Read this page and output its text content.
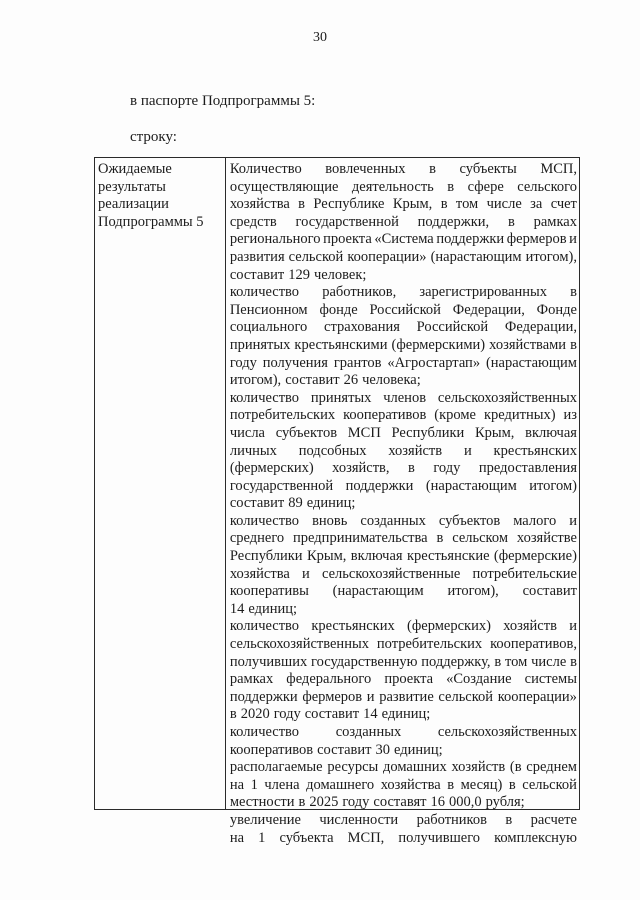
30
в паспорте Подпрограммы 5:
строку:
Ожидаемые
результаты
реализации
Подпрограммы 5

Количество вовлеченных в субъекты МСП,
осуществляющие деятельность в сфере сельского
хозяйства в Республике Крым, в том числе за счет
средств государственной поддержки, в рамках
регионального проекта «Система поддержки фермеров и
развития сельской кооперации» (нарастающим итогом),
составит 129 человек;
количество работников, зарегистрированных в
Пенсионном фонде Российской Федерации, Фонде
социального страхования Российской Федерации,
принятых крестьянскими (фермерскими) хозяйствами в
году получения грантов «Агростартап» (нарастающим
итогом), составит 26 человека;
количество принятых членов сельскохозяйственных
потребительских кооперативов (кроме кредитных) из
числа субъектов МСП Республики Крым, включая
личных подсобных хозяйств и крестьянских
(фермерских) хозяйств, в году предоставления
государственной поддержки (нарастающим итогом)
составит 89 единиц;
количество вновь созданных субъектов малого и
среднего предпринимательства в сельском хозяйстве
Республики Крым, включая крестьянские (фермерские)
хозяйства и сельскохозяйственные потребительские
кооперативы (нарастающим итогом), составит
14 единиц;
количество крестьянских (фермерских) хозяйств и
сельскохозяйственных потребительских кооперативов,
получивших государственную поддержку, в том числе в
рамках федерального проекта «Создание системы
поддержки фермеров и развитие сельской кооперации»
в 2020 году составит 14 единиц;
количество	созданных	сельскохозяйственных
кооперативов составит 30 единиц;
располагаемые ресурсы домашних хозяйств (в среднем
на 1 члена домашнего хозяйства в месяц) в сельской
местности в 2025 году составят 16 000,0 рубля;
увеличение численности работников в расчете
на 1 субъекта МСП, получившего комплексную
